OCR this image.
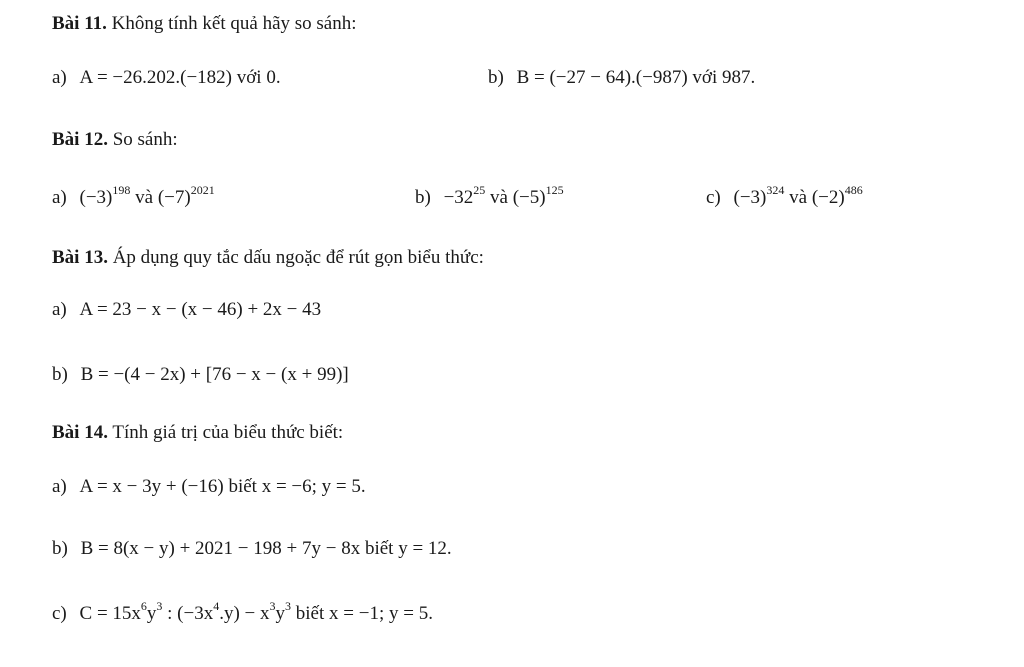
Bài 11. Không tính kết quả hãy so sánh:
a) A = −26.202.(−182) với 0.	b) B = (−27 − 64).(−987) với 987.
Bài 12. So sánh:
a) $(-3)^{198}$ và $(-7)^{2021}$	$b) -32^{25}$ và $(-5)^{125}$	c) $(-3)^{324}$ và $(-2)^{486}$
Bài 13. Áp dụng quy tắc dấu ngoặc để rút gọn biểu thức:
a) A = 23 − x − (x − 46) + 2x − 43
b) B = −(4 − 2x) + [76 − x − (x + 99)]
Bài 14. Tính giá trị của biểu thức biết:
a) A = x − 3y + (−16) biết x = −6; y = 5.
b) B = 8(x − y) + 2021 − 198 + 7y − 8x biết y = 12.
c) $C = 15x^6y^3$ : $(-3x^4.y) - x^3y^3$ biết x = −1; y = 5.
